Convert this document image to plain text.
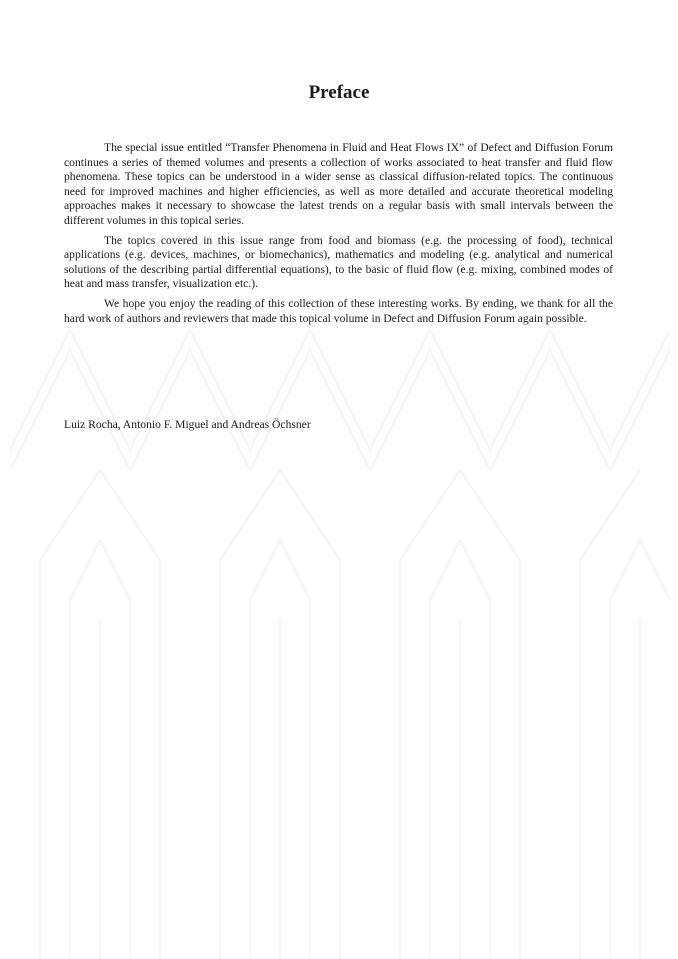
Preface

The special issue entitled “Transfer Phenomena in Fluid and Heat Flows IX” of Defect and Diffusion Forum continues a series of themed volumes and presents a collection of works associated to heat transfer and fluid flow phenomena. These topics can be understood in a wider sense as classical diffusion-related topics. The continuous need for improved machines and higher efficiencies, as well as more detailed and accurate theoretical modeling approaches makes it necessary to showcase the latest trends on a regular basis with small intervals between the different volumes in this topical series.

The topics covered in this issue range from food and biomass (e.g. the processing of food), technical applications (e.g. devices, machines, or biomechanics), mathematics and modeling (e.g. analytical and numerical solutions of the describing partial differential equations), to the basic of fluid flow (e.g. mixing, combined modes of heat and mass transfer, visualization etc.).

We hope you enjoy the reading of this collection of these interesting works. By ending, we thank for all the hard work of authors and reviewers that made this topical volume in Defect and Diffusion Forum again possible.

Luiz Rocha, Antonio F. Miguel and Andreas Öchsner
